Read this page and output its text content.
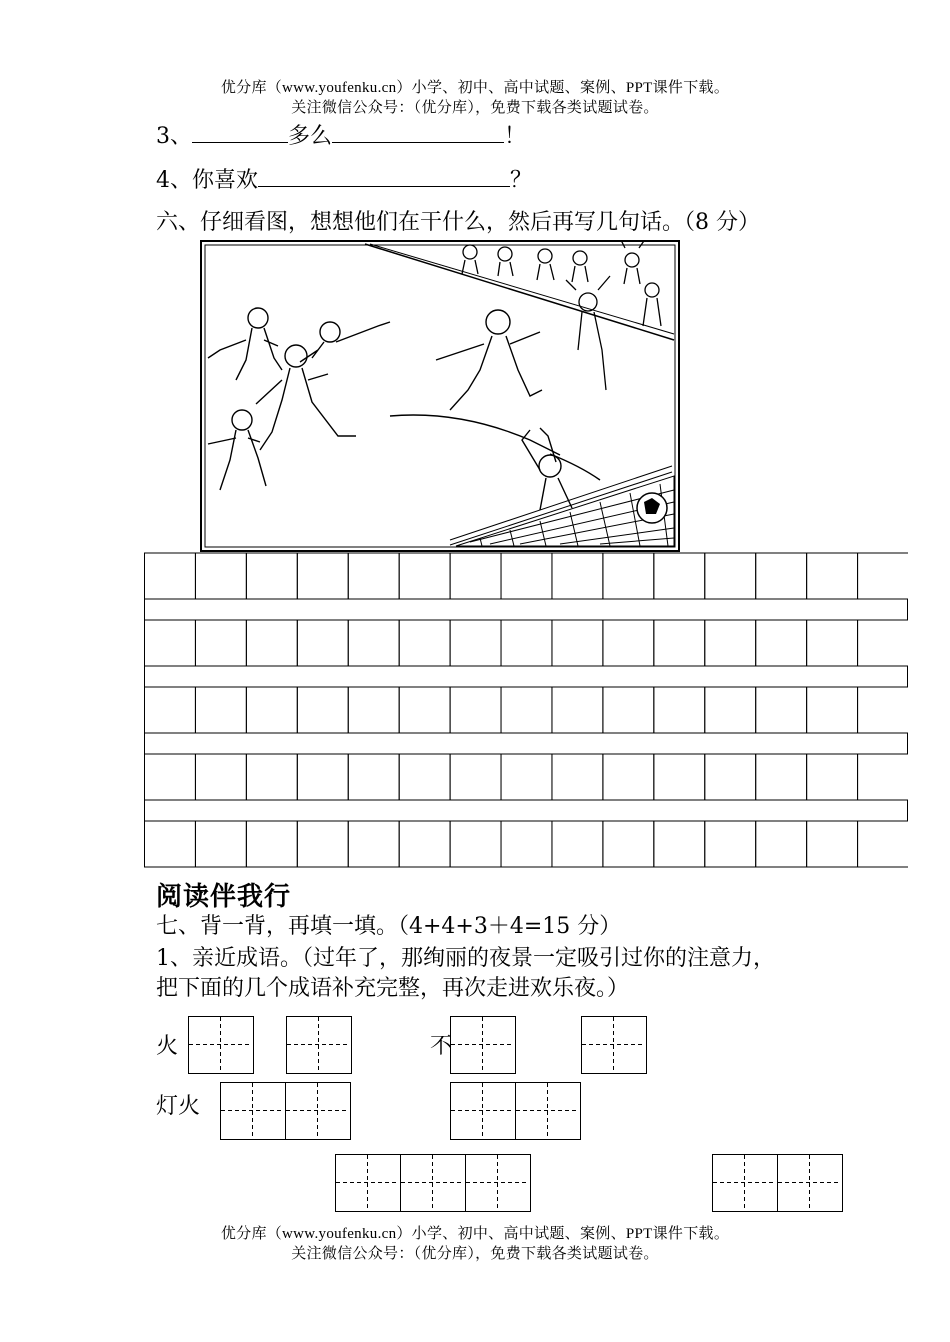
优分库（www.youfenku.cn）小学、初中、高中试题、案例、PPT课件下载。
关注微信公众号：（优分库），免费下载各类试题试卷。
3、	多么	！
4、你喜欢	？
六、仔细看图，想想他们在干什么，然后再写几句话。（8 分）
阅读伴我行
七、背一背，再填一填。（4+4+3＋4=15 分）
1、亲近成语。（过年了，那绚丽的夜景一定吸引过你的注意力，
把下面的几个成语补充完整，再次走进欢乐夜。）
火	不
灯火
优分库（www.youfenku.cn）小学、初中、高中试题、案例、PPT课件下载。
关注微信公众号：（优分库），免费下载各类试题试卷。
